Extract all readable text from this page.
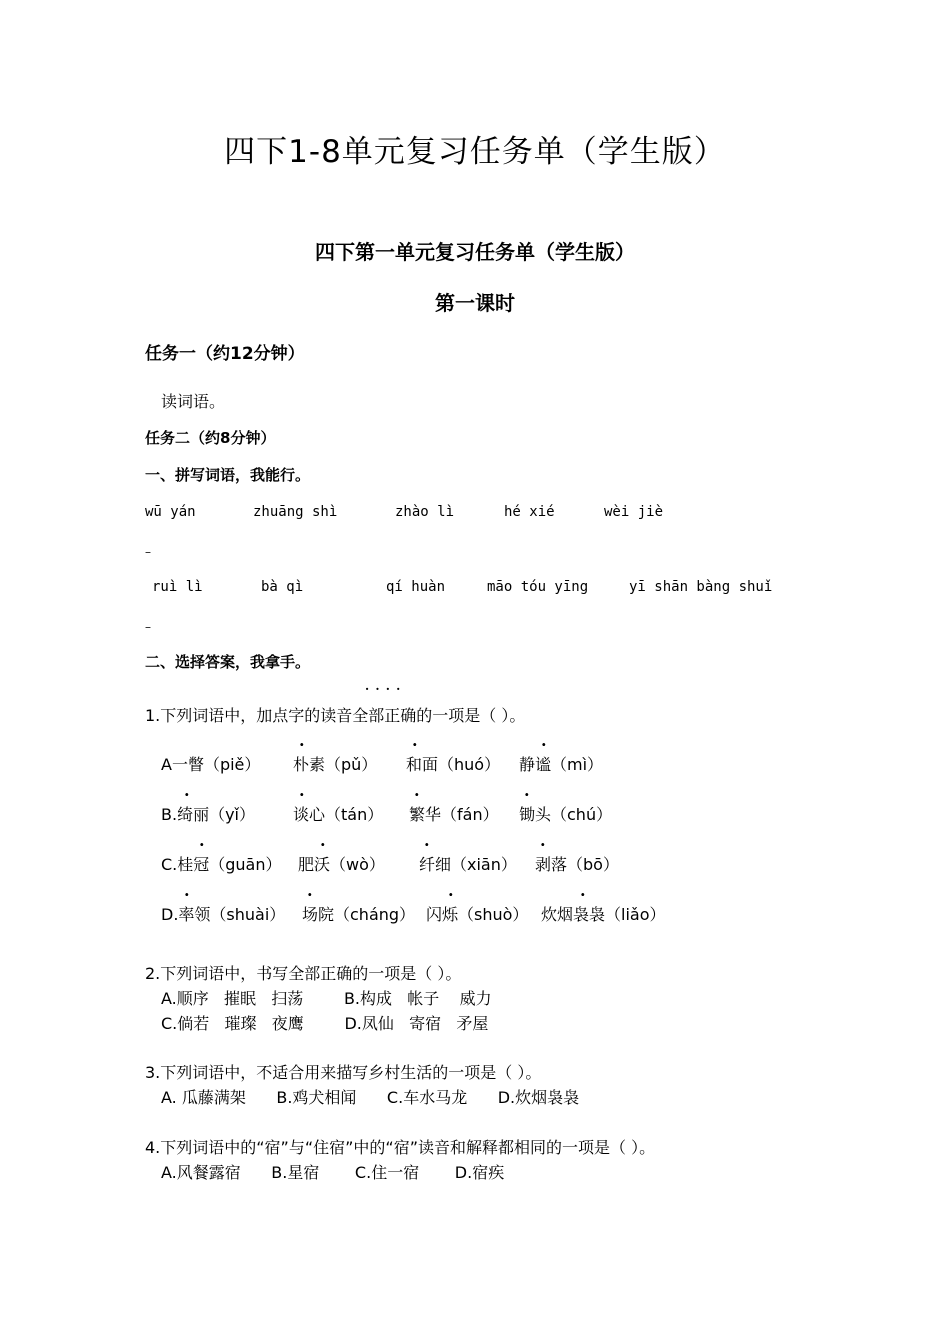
四下1-8单元复习任务单（学生版）
四下第一单元复习任务单（学生版）
第一课时
任务一（约12分钟）
读词语。
任务二（约8分钟）
一、拼写词语，我能行。
wū yán	zhuāng shì	zhào lì	hé xié	wèi jiè
–
ruì lì	bà qì	qí huàn	māo tóu yīng	yī shān bàng shuǐ
–
二、选择答案，我拿手。
· · · ·
1.下列词语中，加点字的读音全部正确的一项是（ ）。
A一瞥（piě） 朴素（pǔ） 和面（huó） 静谧（mì）
·	·	·
B.绮丽（yǐ） 谈心（tán） 繁华（fán） 锄头（chú）
·	·	·	·
C.桂冠（guān） 肥沃（wò） 纤细（xiān） 剥落（bō）
·	·	·	·
D.率领（shuài） 场院（cháng） 闪烁（shuò） 炊烟袅袅（liǎo）
·	·	·	·
2.下列词语中，书写全部正确的一项是（ ）。
A.顺序   摧眠   扫荡        B.构成   帐子    威力
C.倘若   璀璨   夜鹰        D.凤仙   寄宿   矛屋
3.下列词语中，不适合用来描写乡村生活的一项是（ ）。
A. 瓜藤满架      B.鸡犬相闻      C.车水马龙      D.炊烟袅袅
4.下列词语中的“宿”与“住宿”中的“宿”读音和解释都相同的一项是（ ）。
A.风餐露宿      B.星宿       C.住一宿       D.宿疾
